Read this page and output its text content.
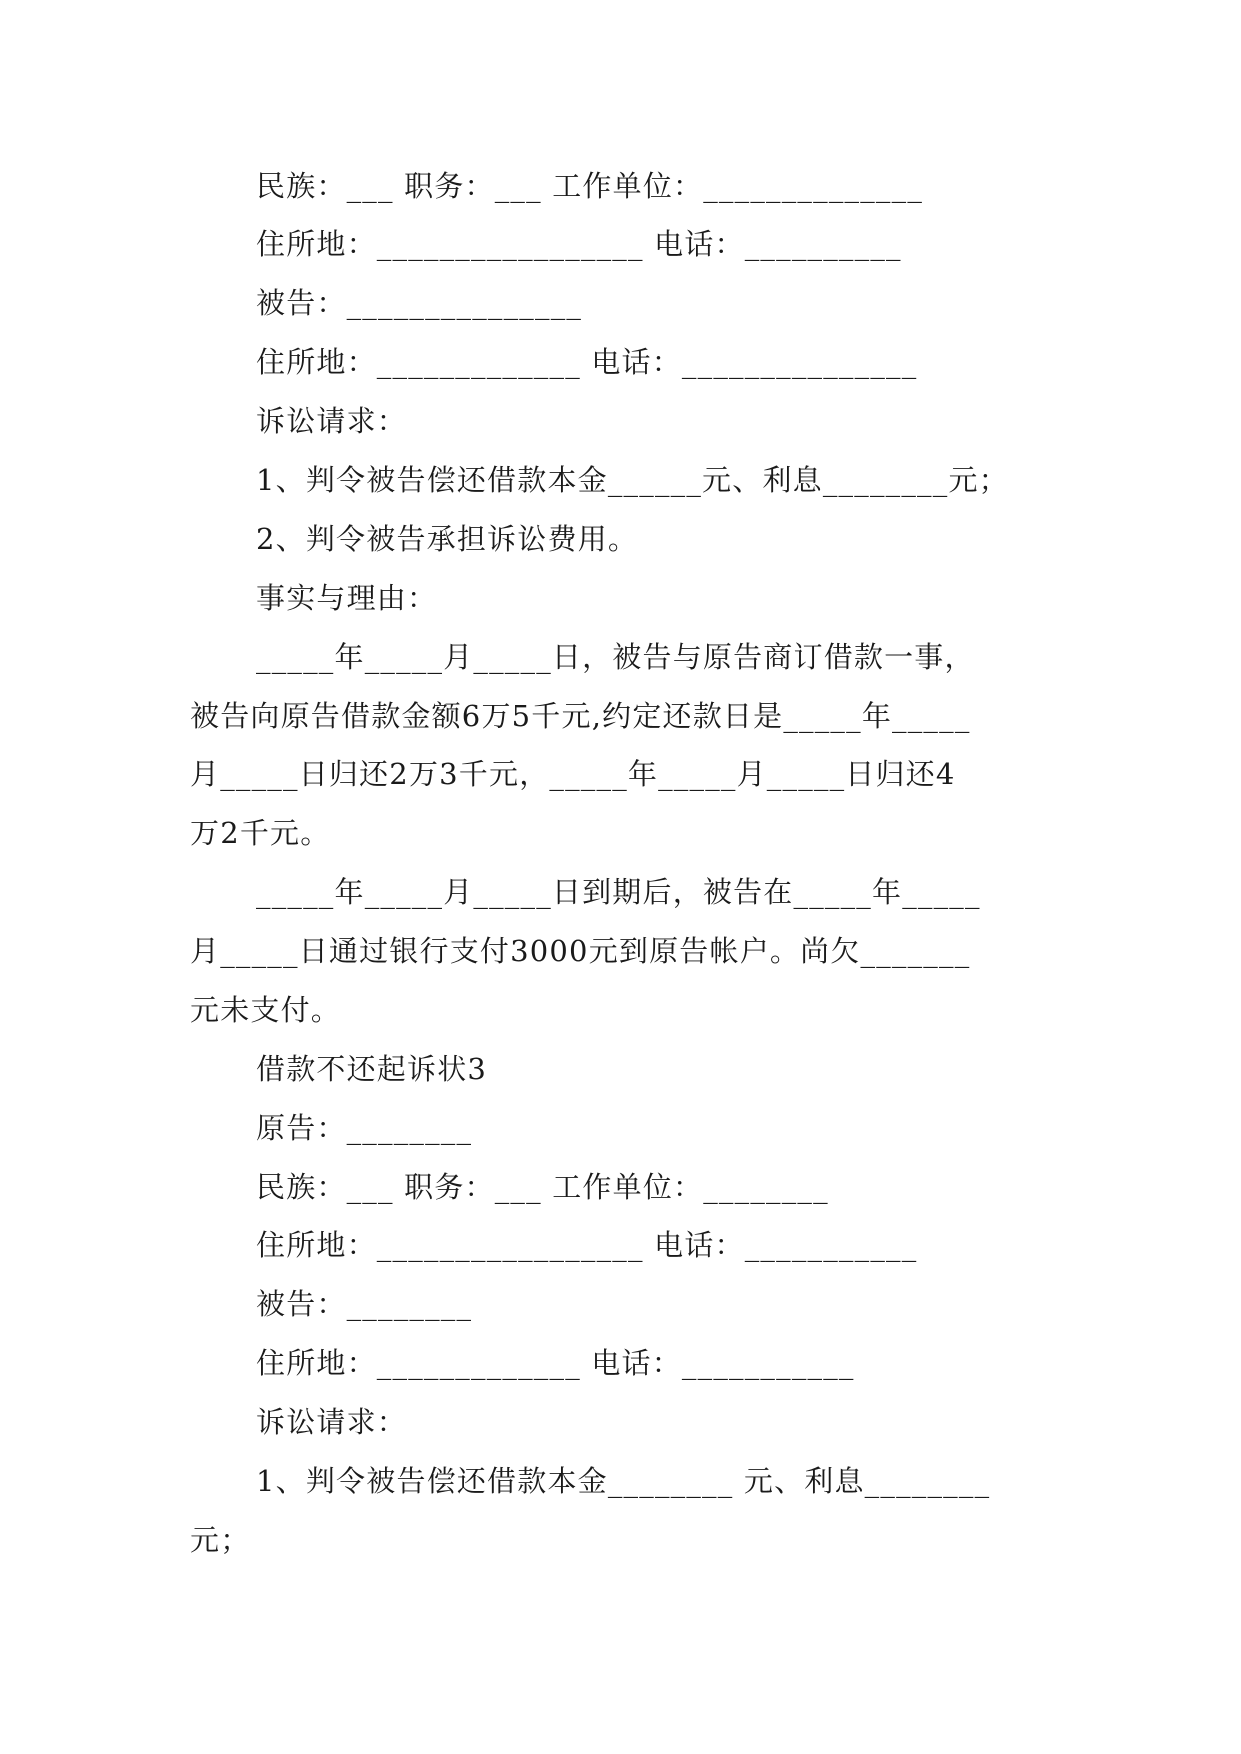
民族：___ 职务：___ 工作单位：______________
住所地：_________________ 电话：__________
被告：_______________
住所地：_____________ 电话：_______________
诉讼请求：
1、判令被告偿还借款本金______元、利息________元；
2、判令被告承担诉讼费用。
事实与理由：
_____年_____月_____日，被告与原告商订借款一事，
被告向原告借款金额6万5千元,约定还款日是_____年_____
月_____日归还2万3千元，_____年_____月_____日归还4
万2千元。
_____年_____月_____日到期后，被告在_____年_____
月_____日通过银行支付3000元到原告帐户。尚欠_______
元未支付。
借款不还起诉状3
原告：________
民族：___ 职务：___ 工作单位：________
住所地：_________________ 电话：___________
被告：________
住所地：_____________ 电话：___________
诉讼请求：
1、判令被告偿还借款本金________ 元、利息________
元；
